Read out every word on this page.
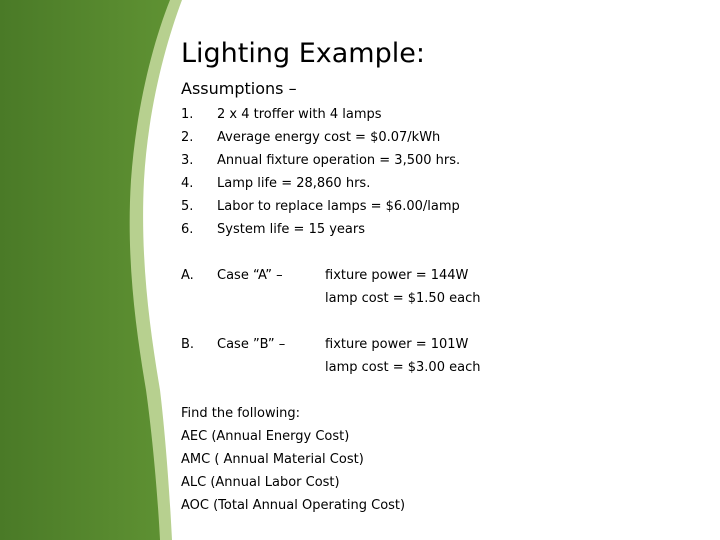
Lighting Example:
Assumptions –
1. 2 x 4 troffer with 4 lamps
2. Average energy cost = $0.07/kWh
3. Annual fixture operation = 3,500 hrs.
4. Lamp life = 28,860 hrs.
5. Labor to replace lamps = $6.00/lamp
6. System life = 15 years
A. Case “A” –	fixture power = 144W
lamp cost = $1.50 each
B. Case ”B” –	fixture power = 101W
lamp cost = $3.00 each
Find the following:
AEC (Annual Energy Cost)
AMC ( Annual Material Cost)
ALC (Annual Labor Cost)
AOC (Total Annual Operating Cost)
